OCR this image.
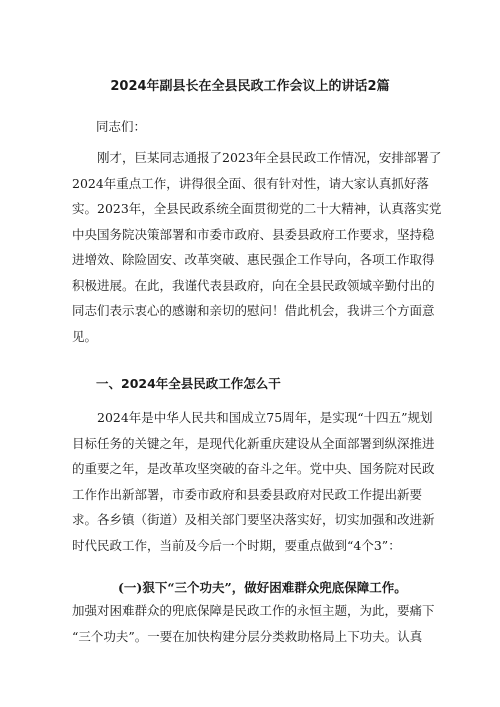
2024年副县长在全县民政工作会议上的讲话2篇
同志们：
刚才，巨某同志通报了2023年全县民政工作情况，安排部署了
2024年重点工作，讲得很全面、很有针对性，请大家认真抓好落
实。2023年，全县民政系统全面贯彻党的二十大精神，认真落实党
中央国务院决策部署和市委市政府、县委县政府工作要求，坚持稳
进增效、除险固安、改革突破、惠民强企工作导向，各项工作取得
积极进展。在此，我谨代表县政府，向在全县民政领域辛勤付出的
同志们表示衷心的感谢和亲切的慰问！借此机会，我讲三个方面意
见。
一、2024年全县民政工作怎么干
2024年是中华人民共和国成立75周年，是实现“十四五”规划
目标任务的关键之年，是现代化新重庆建设从全面部署到纵深推进
的重要之年，是改革攻坚突破的奋斗之年。党中央、国务院对民政
工作作出新部署，市委市政府和县委县政府对民政工作提出新要
求。各乡镇（街道）及相关部门要坚决落实好，切实加强和改进新
时代民政工作，当前及今后一个时期，要重点做到“4个3”：
(一)狠下“三个功夫”，做好困难群众兜底保障工作。
加强对困难群众的兜底保障是民政工作的永恒主题，为此，要痛下
“三个功夫”。一要在加快构建分层分类救助格局上下功夫。认真
